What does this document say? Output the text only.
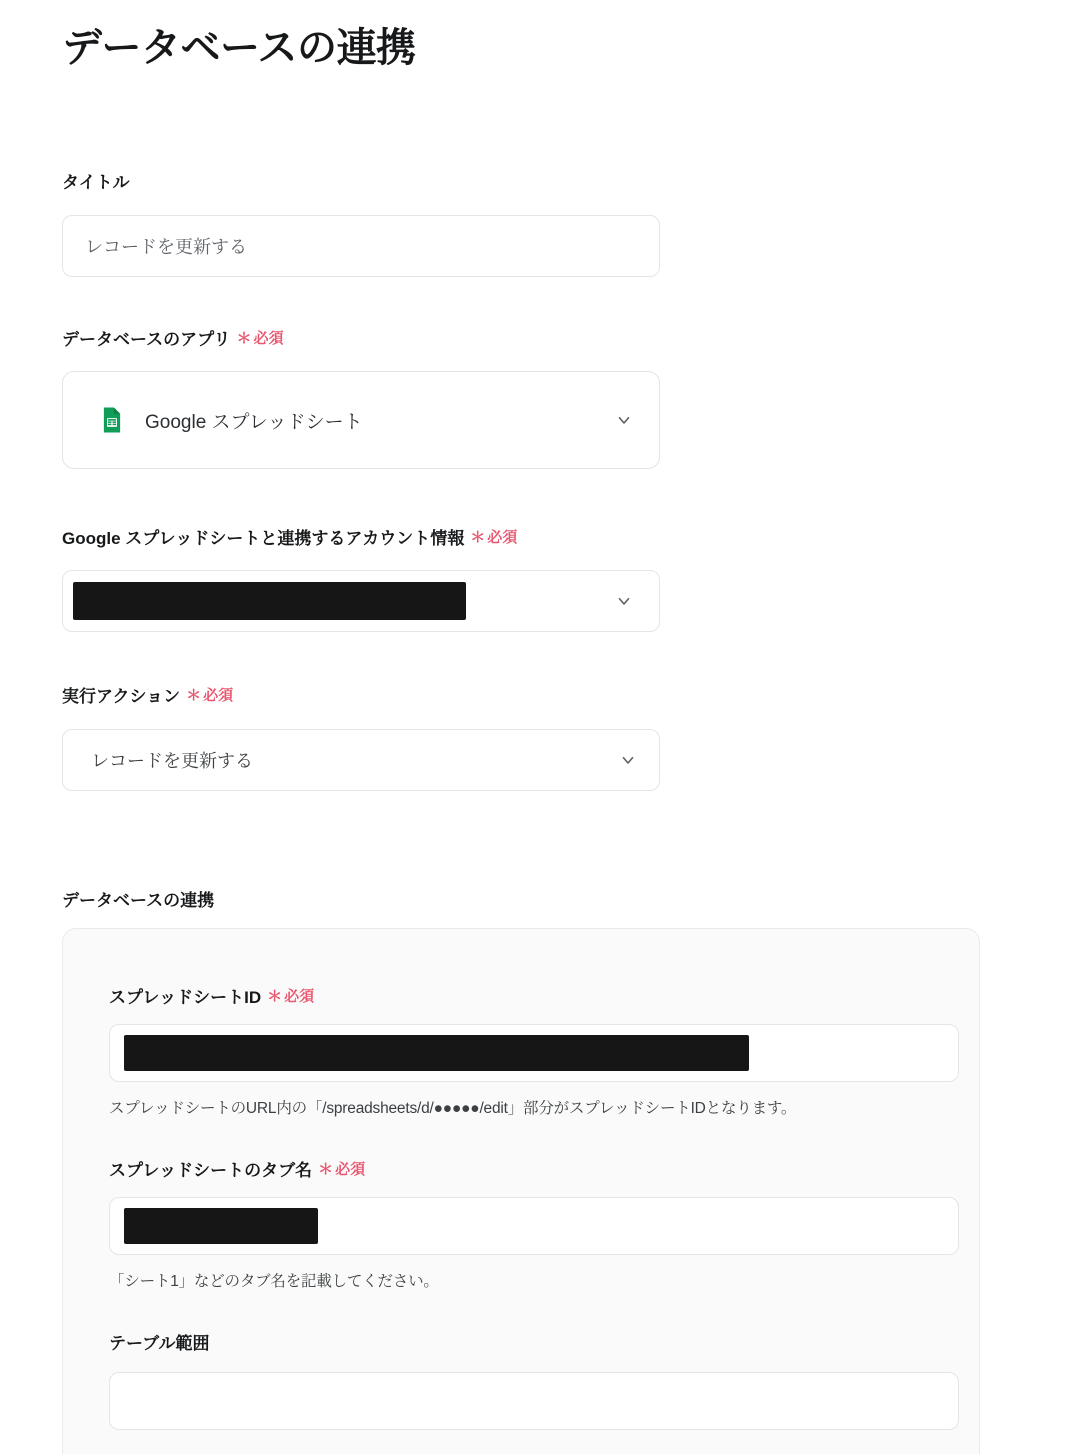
データベースの連携
タイトル
レコードを更新する
データベースのアプリ ＊ 必須
Google スプレッドシート
Google スプレッドシートと連携するアカウント情報 ＊ 必須
実行アクション ＊ 必須
レコードを更新する
データベースの連携
スプレッドシートID ＊ 必須
スプレッドシートのURL内の「/spreadsheets/d/●●●●●/edit」部分がスプレッドシートIDとなります。
スプレッドシートのタブ名 ＊ 必須
「シート1」などのタブ名を記載してください。
テーブル範囲
